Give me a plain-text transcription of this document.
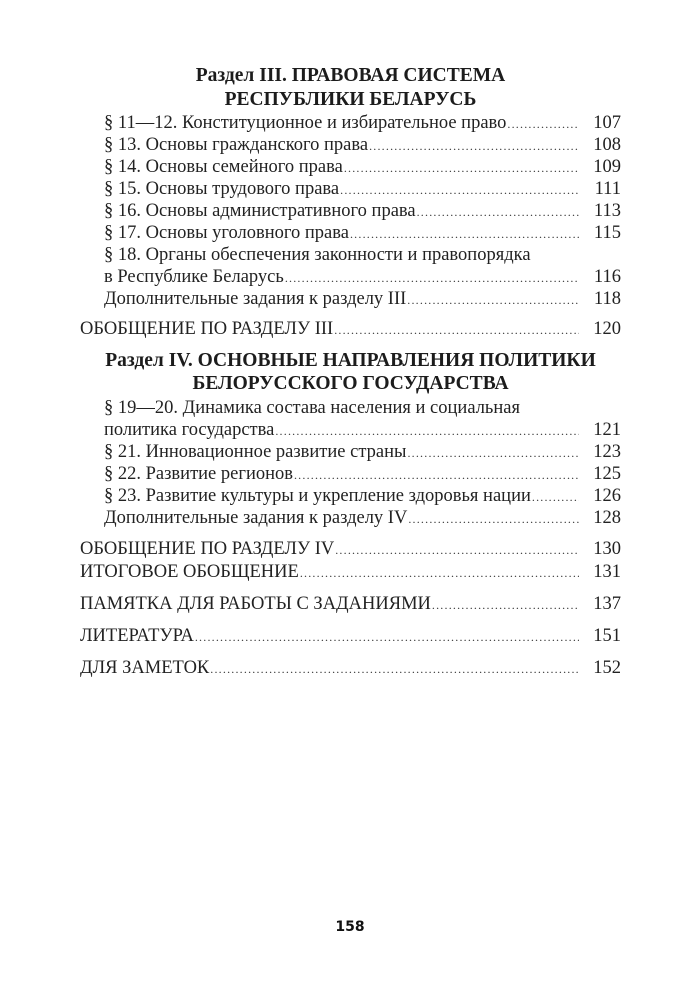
Раздел III. ПРАВОВАЯ СИСТЕМА
РЕСПУБЛИКИ БЕЛАРУСЬ
§ 11—12. Конституционное и избирательное право .....	107
§ 13. Основы гражданского права .....	108
§ 14. Основы семейного права .....	109
§ 15. Основы трудового права .....	111
§ 16. Основы административного права .....	113
§ 17. Основы уголовного права .....	115
§ 18. Органы обеспечения законности и правопорядка
в Республике Беларусь .....	116
Дополнительные задания к разделу III .....	118
ОБОБЩЕНИЕ ПО РАЗДЕЛУ III .....	120
Раздел IV. ОСНОВНЫЕ НАПРАВЛЕНИЯ ПОЛИТИКИ
БЕЛОРУССКОГО ГОСУДАРСТВА
§ 19—20. Динамика состава населения и социальная
политика государства .....	121
§ 21. Инновационное развитие страны .....	123
§ 22. Развитие регионов .....	125
§ 23. Развитие культуры и укрепление здоровья нации .....	126
Дополнительные задания к разделу IV .....	128
ОБОБЩЕНИЕ ПО РАЗДЕЛУ IV .....	130
ИТОГОВОЕ ОБОБЩЕНИЕ .....	131
ПАМЯТКА ДЛЯ РАБОТЫ С ЗАДАНИЯМИ .....	137
ЛИТЕРАТУРА .....	151
ДЛЯ ЗАМЕТОК .....	152
158
